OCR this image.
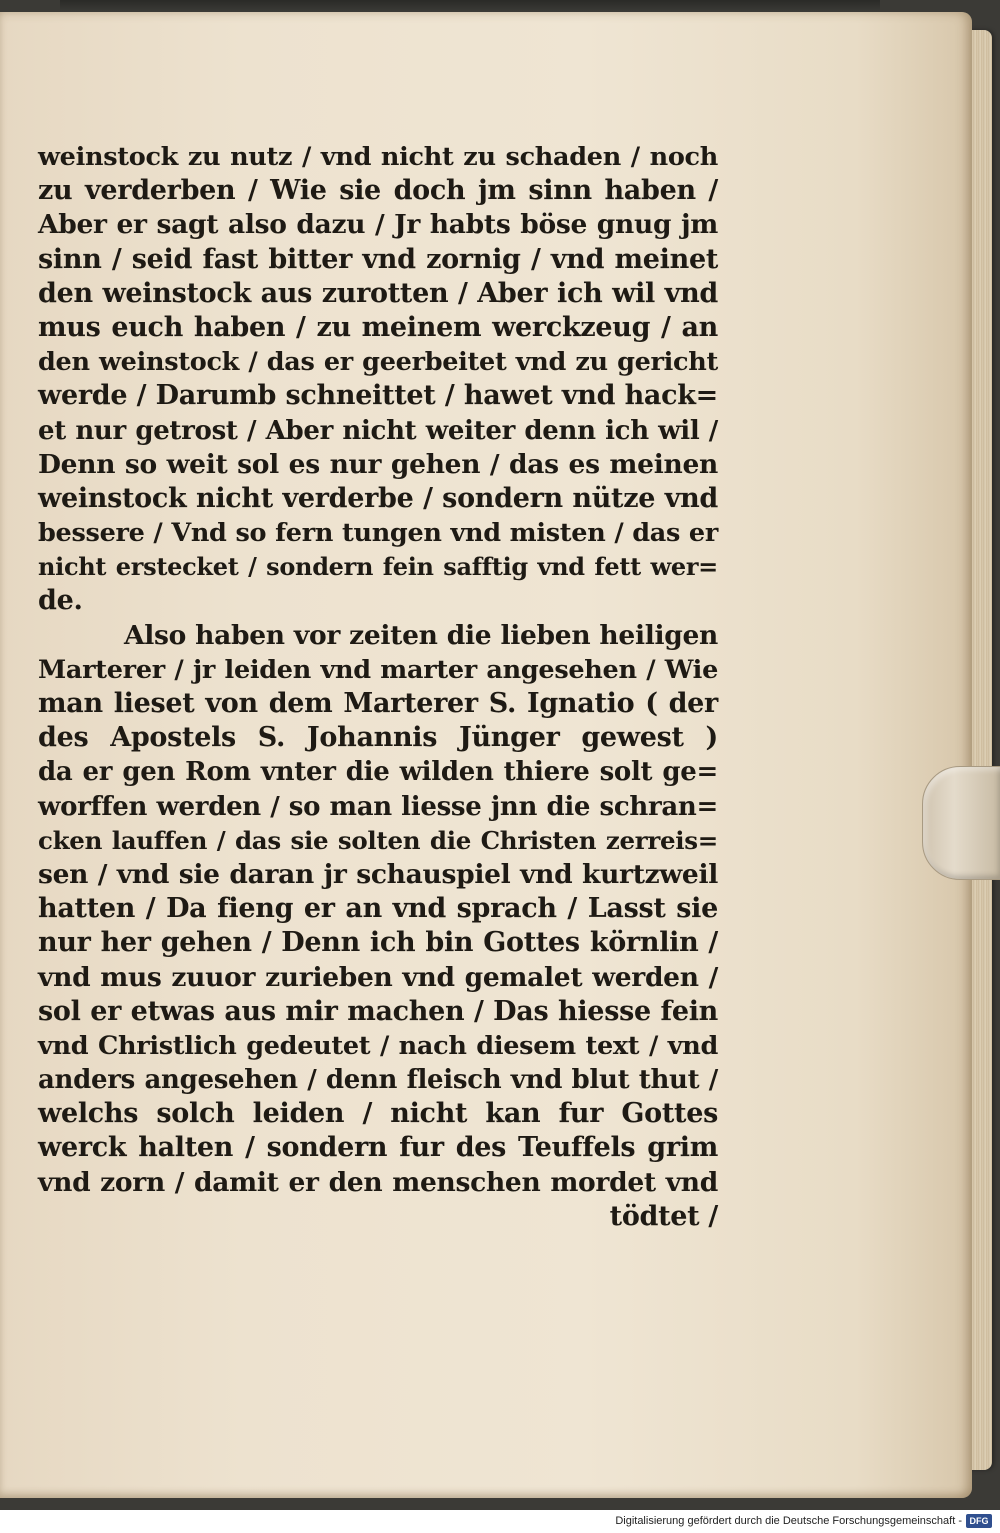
weinstock zu nutz / vnd nicht zu schaden / noch
zu verderben / Wie sie doch jm sinn haben /
Aber er sagt also dazu / Jr habts böse gnug jm
sinn / seid fast bitter vnd zornig / vnd meinet
den weinstock aus zurotten / Aber ich wil vnd
mus euch haben / zu meinem werckzeug / an
den weinstock / das er geerbeitet vnd zu gericht
werde / Darumb schneittet / hawet vnd hack=
et nur getrost / Aber nicht weiter denn ich wil /
Denn so weit sol es nur gehen / das es meinen
weinstock nicht verderbe / sondern nütze vnd
bessere / Vnd so fern tungen vnd misten / das er
nicht erstecket / sondern fein safftig vnd fett wer=
de.
Also haben vor zeiten die lieben heiligen
Marterer / jr leiden vnd marter angesehen / Wie
man lieset von dem Marterer S. Ignatio ( der
des Apostels S. Johannis Jünger gewest )
da er gen Rom vnter die wilden thiere solt ge=
worffen werden / so man liesse jnn die schran=
cken lauffen / das sie solten die Christen zerreis=
sen / vnd sie daran jr schauspiel vnd kurtzweil
hatten / Da fieng er an vnd sprach / Lasst sie
nur her gehen / Denn ich bin Gottes körnlin /
vnd mus zuuor zurieben vnd gemalet werden /
sol er etwas aus mir machen / Das hiesse fein
vnd Christlich gedeutet / nach diesem text / vnd
anders angesehen / denn fleisch vnd blut thut /
welchs solch leiden / nicht kan fur Gottes
werck halten / sondern fur des Teuffels grim
vnd zorn / damit er den menschen mordet vnd
tödtet /
Digitalisierung gefördert durch die Deutsche Forschungsgemeinschaft - DFG
